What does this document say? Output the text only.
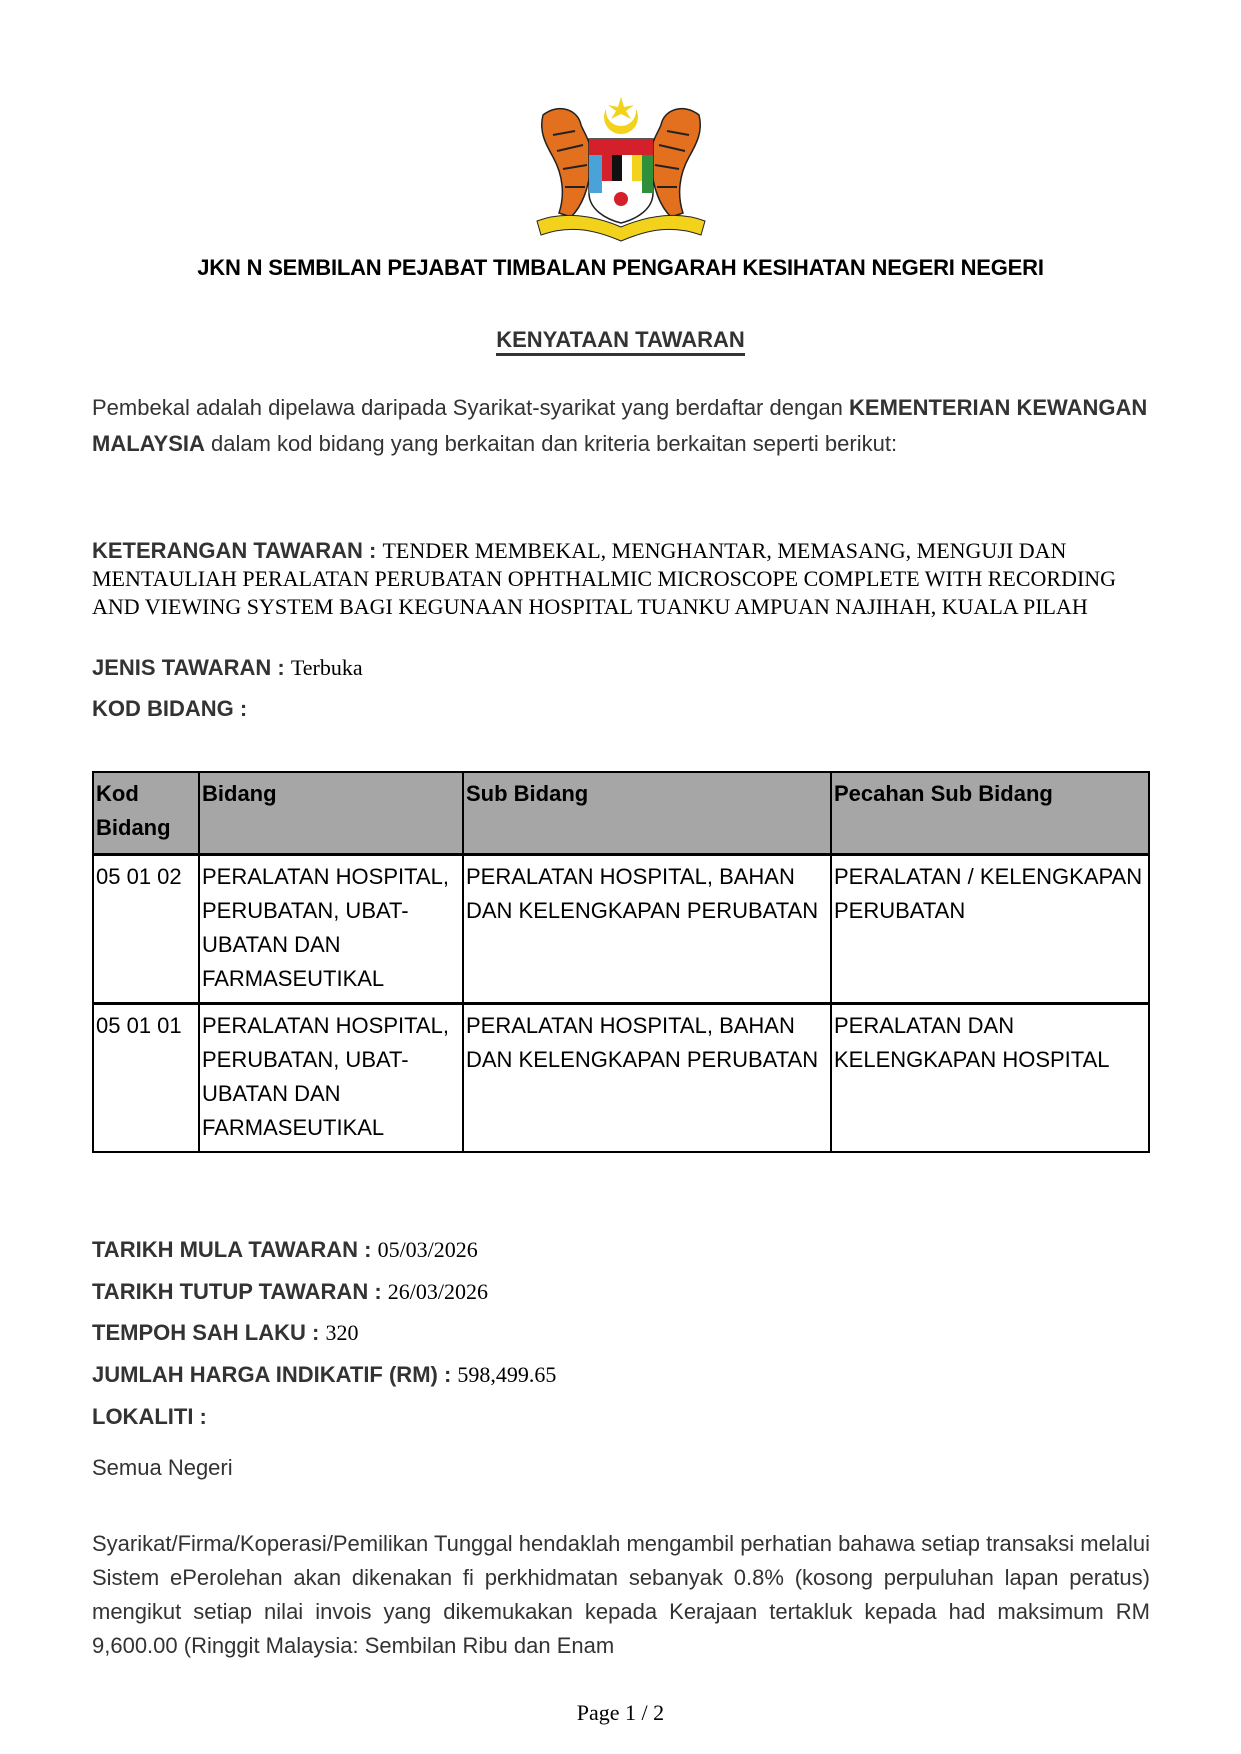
JKN N SEMBILAN PEJABAT TIMBALAN PENGARAH KESIHATAN NEGERI NEGERI
KENYATAAN TAWARAN
Pembekal adalah dipelawa daripada Syarikat-syarikat yang berdaftar dengan KEMENTERIAN KEWANGAN MALAYSIA dalam kod bidang yang berkaitan dan kriteria berkaitan seperti berikut:
KETERANGAN TAWARAN : TENDER MEMBEKAL, MENGHANTAR, MEMASANG, MENGUJI DAN MENTAULIAH PERALATAN PERUBATAN OPHTHALMIC MICROSCOPE COMPLETE WITH RECORDING AND VIEWING SYSTEM BAGI KEGUNAAN HOSPITAL TUANKU AMPUAN NAJIHAH, KUALA PILAH
JENIS TAWARAN : Terbuka
KOD BIDANG :
Kod Bidang	Bidang	Sub Bidang	Pecahan Sub Bidang
05 01 02	PERALATAN HOSPITAL, PERUBATAN, UBAT-UBATAN DAN FARMASEUTIKAL	PERALATAN HOSPITAL, BAHAN DAN KELENGKAPAN PERUBATAN	PERALATAN / KELENGKAPAN PERUBATAN
05 01 01	PERALATAN HOSPITAL, PERUBATAN, UBAT-UBATAN DAN FARMASEUTIKAL	PERALATAN HOSPITAL, BAHAN DAN KELENGKAPAN PERUBATAN	PERALATAN DAN KELENGKAPAN HOSPITAL
TARIKH MULA TAWARAN : 05/03/2026
TARIKH TUTUP TAWARAN : 26/03/2026
TEMPOH SAH LAKU : 320
JUMLAH HARGA INDIKATIF (RM) : 598,499.65
LOKALITI :
Semua Negeri
Syarikat/Firma/Koperasi/Pemilikan Tunggal hendaklah mengambil perhatian bahawa setiap transaksi melalui Sistem ePerolehan akan dikenakan fi perkhidmatan sebanyak 0.8% (kosong perpuluhan lapan peratus) mengikut setiap nilai invois yang dikemukakan kepada Kerajaan tertakluk kepada had maksimum RM 9,600.00 (Ringgit Malaysia: Sembilan Ribu dan Enam
Page 1 / 2
